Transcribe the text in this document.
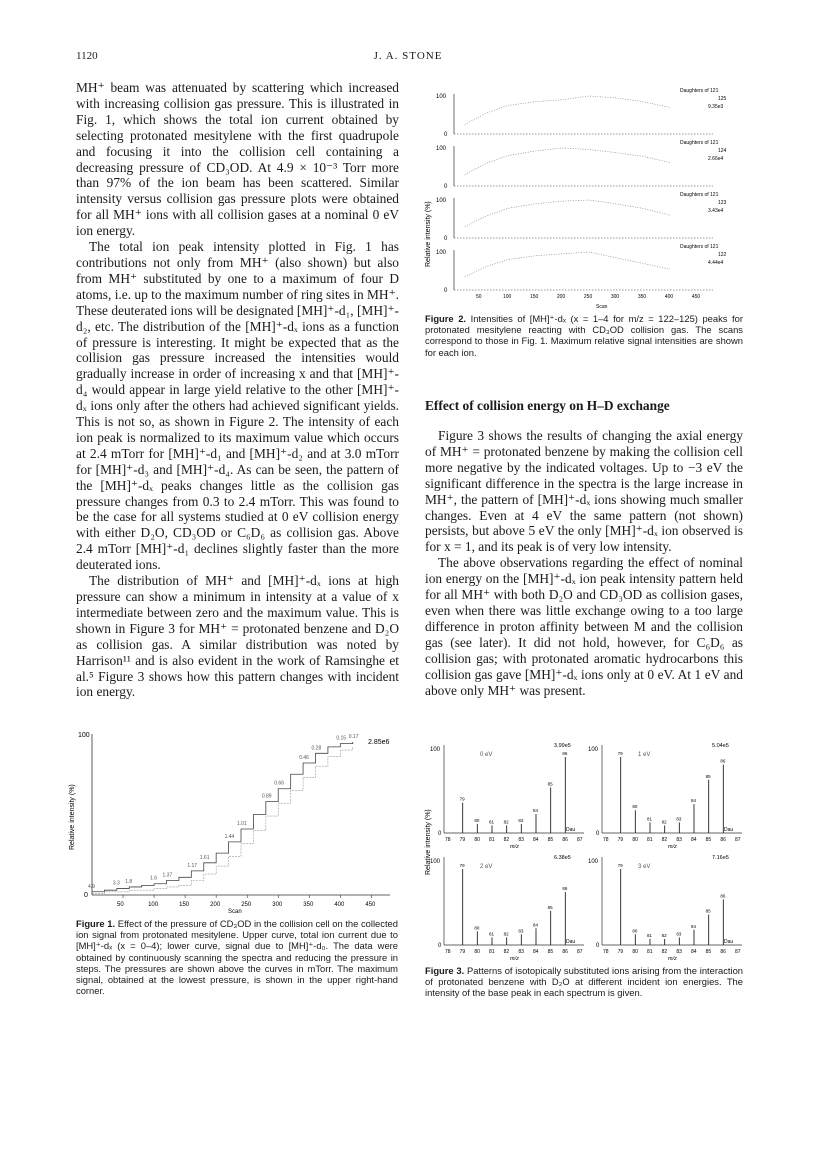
1120	J. A. STONE

MH⁺ beam was attenuated by scattering which increased with increasing collision gas pressure. This is illustrated in Fig. 1, which shows the total ion current obtained by selecting protonated mesitylene with the first quadrupole and focusing it into the collision cell containing a decreasing pressure of CD₃OD. At 4.9 × 10⁻³ Torr more than 97% of the ion beam has been scattered. Similar intensity versus collision gas pressure plots were obtained for all MH⁺ ions with all collision gases at a nominal 0 eV ion energy.

The total ion peak intensity plotted in Fig. 1 has contributions not only from MH⁺ (also shown) but also from MH⁺ substituted by one to a maximum of four D atoms, i.e. up to the maximum number of ring sites in MH⁺. These deuterated ions will be designated [MH]⁺-d₁, [MH]⁺-d₂, etc. The distribution of the [MH]⁺-dₓ ions as a function of pressure is interesting. It might be expected that as the collision gas pressure increased the intensities would gradually increase in order of increasing x and that [MH]⁺-d₄ would appear in large yield relative to the other [MH]⁺-dₓ ions only after the others had achieved significant yields. This is not so, as shown in Figure 2. The intensity of each ion peak is normalized to its maximum value which occurs at 2.4 mTorr for [MH]⁺-d₁ and [MH]⁺-d₂ and at 3.0 mTorr for [MH]⁺-d₃ and [MH]⁺-d₄. As can be seen, the pattern of the [MH]⁺-dₓ peaks changes little as the collision gas pressure changes from 0.3 to 2.4 mTorr. This was found to be the case for all systems studied at 0 eV collision energy with either D₂O, CD₃OD or C₆D₆ as collision gas. Above 2.4 mTorr [MH]⁺-d₁ declines slightly faster than the more deuterated ions.

The distribution of MH⁺ and [MH]⁺-dₓ ions at high pressure can show a minimum in intensity at a value of x intermediate between zero and the maximum value. This is shown in Figure 3 for MH⁺ = protonated benzene and D₂O as collision gas. A similar distribution was noted by Harrison¹¹ and is also evident in the work of Ramsinghe et al.⁵ Figure 3 shows how this pattern changes with incident ion energy.

Effect of collision energy on H–D exchange

Figure 3 shows the results of changing the axial energy of MH⁺ = protonated benzene by making the collision cell more negative by the indicated voltages. Up to −3 eV the significant difference in the spectra is the large increase in MH⁺, the pattern of [MH]⁺-dₓ ions showing much smaller changes. Even at 4 eV the same pattern (not shown) persists, but above 5 eV the only [MH]⁺-dₓ ion observed is for x = 1, and its peak is of very low intensity.

The above observations regarding the effect of nominal ion energy on the [MH]⁺-dₓ ion peak intensity pattern held for all MH⁺ with both D₂O and CD₃OD as collision gases, even when there was little exchange owing to a too large difference in proton affinity between M and the collision gas (see later). It did not hold, however, for C₆D₆ as collision gas; with protonated aromatic hydrocarbons this collision gas gave [MH]⁺-dₓ ions only at 0 eV. At 1 eV and above only MH⁺ was present.

Relative intensity (%)
100
0
50	100	150	200	250	300	350	400	450
Scan
2.85e6
4.9
3.3 1.8
1.6
1.37
1.17
1.61
1.44
1.01
0.89
0.66
0.46
0.28
0.15 0.17
Figure 1. Effect of the pressure of CD₃OD in the collision cell on the collected ion signal from protonated mesitylene. Upper curve, total ion current due to [MH]⁺-dₓ (x = 0–4); lower curve, signal due to [MH]⁺-d₀. The data were obtained by continuously scanning the spectra and reducing the pressure in steps. The pressures are shown above the curves in mTorr. The maximum signal, obtained at the lowest pressure, is shown in the upper right-hand corner.
Relative intensity (%)
100
0
Daughters of 121
125
9.35e3
100
0
Daughters of 121
124
2.66e4
100
0
Daughters of 121
123
3.43e4
100
0
Daughters of 121
122
4.44e4
50	100	150	200	250	300	350	400	450
Scan
Figure 2. Intensities of [MH]⁺-dₓ (x = 1–4 for m/z = 122–125) peaks for protonated mesitylene reacting with CD₃OD collision gas. The scans correspond to those in Fig. 1. Maximum relative signal intensities are shown for each ion.
Relative intensity (%)
100
0
0 eV
3.99e5
Dau
79
80 81 82 83
84
85
86
78 79 80 81 82 83 84 85 86 87
m/z
100
0
1 eV
5.04e5
Dau
79
80
81
82
83
84
85
86
78 79 80 81 82 83 84 85 86 87
m/z
100
0
2 eV
6.38e5
Dau
79
80
81 82
83
84
85
86
78 79 80 81 82 83 84 85 86 87
m/z
100
0
3 eV
7.16e5
Dau
79
80
81 82 83
84
85
86
78 79 80 81 82 83 84 85 86 87
m/z
Figure 3. Patterns of isotopically substituted ions arising from the interaction of protonated benzene with D₂O at different incident ion energies. The intensity of the base peak in each spectrum is given.
